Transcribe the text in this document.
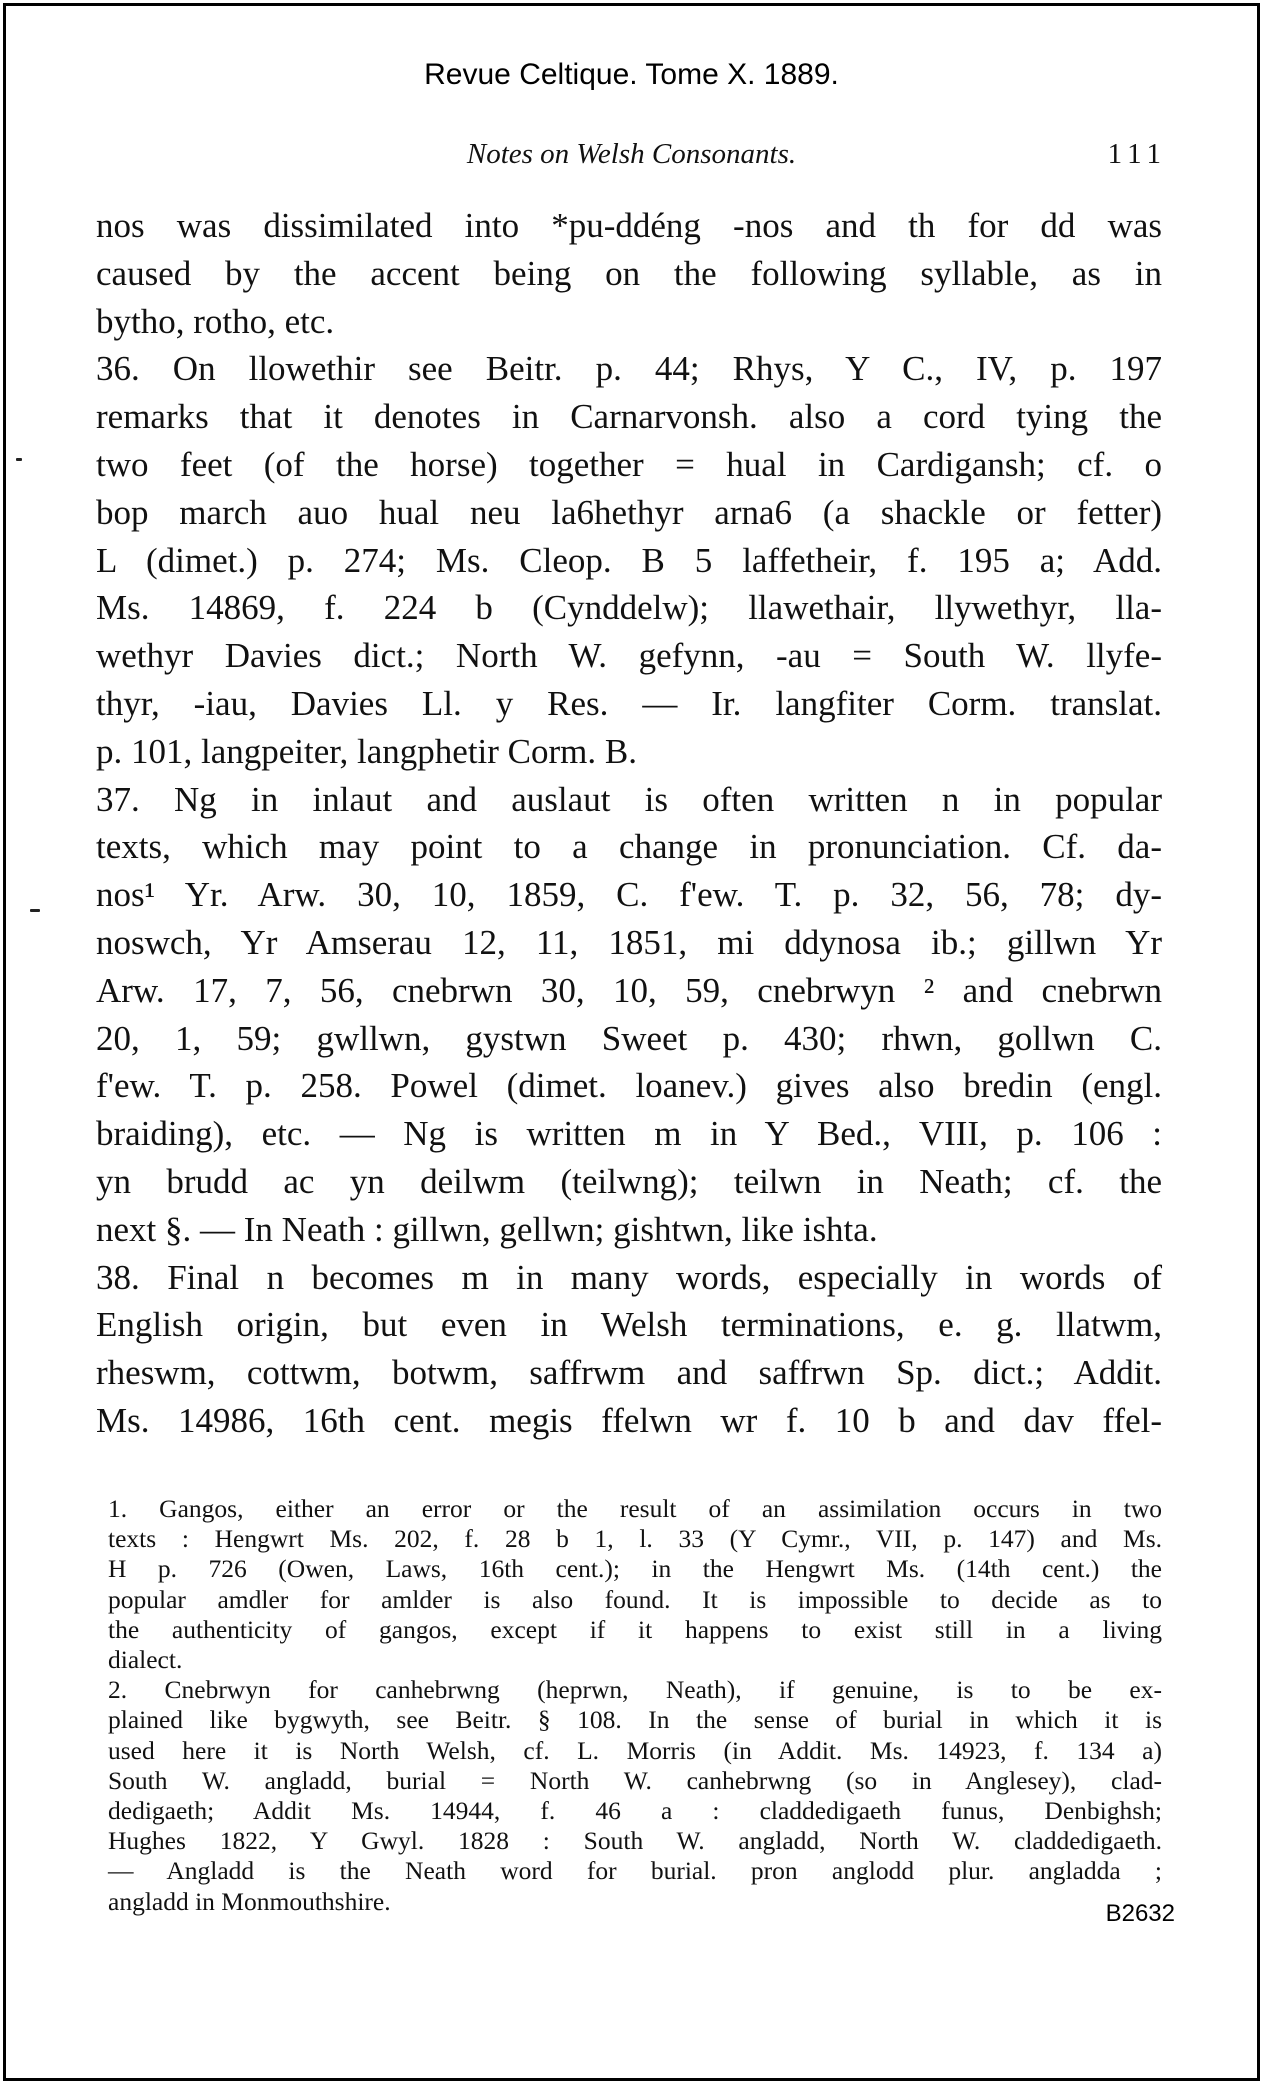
Revue Celtique. Tome X. 1889.
Notes on Welsh Consonants.	111
nos was dissimilated into *pu-ddéng -nos and th for dd was
caused by the accent being on the following syllable, as in
bytho, rotho, etc.
36. On llowethir see Beitr. p. 44; Rhys, Y C., IV, p. 197
remarks that it denotes in Carnarvonsh. also a cord tying the
two feet (of the horse) together = hual in Cardigansh; cf. o
bop march auo hual neu la6hethyr arna6 (a shackle or fetter)
L (dimet.) p. 274; Ms. Cleop. B 5 laffetheir, f. 195 a; Add.
Ms. 14869, f. 224 b (Cynddelw); llawethair, llywethyr, lla-
wethyr Davies dict.; North W. gefynn, -au = South W. llyfe-
thyr, -iau, Davies Ll. y Res. — Ir. langfiter Corm. translat.
p. 101, langpeiter, langphetir Corm. B.
37. Ng in inlaut and auslaut is often written n in popular
texts, which may point to a change in pronunciation. Cf. da-
nos¹ Yr. Arw. 30, 10, 1859, C. f'ew. T. p. 32, 56, 78; dy-
noswch, Yr Amserau 12, 11, 1851, mi ddynosa ib.; gillwn Yr
Arw. 17, 7, 56, cnebrwn 30, 10, 59, cnebrwyn ² and cnebrwn
20, 1, 59; gwllwn, gystwn Sweet p. 430; rhwn, gollwn C.
f'ew. T. p. 258. Powel (dimet. loanev.) gives also bredin (engl.
braiding), etc. — Ng is written m in Y Bed., VIII, p. 106 :
yn brudd ac yn deilwm (teilwng); teilwn in Neath; cf. the
next §. — In Neath : gillwn, gellwn; gishtwn, like ishta.
38. Final n becomes m in many words, especially in words of
English origin, but even in Welsh terminations, e. g. llatwm,
rheswm, cottwm, botwm, saffrwm and saffrwn Sp. dict.; Addit.
Ms. 14986, 16th cent. megis ffelwn wr f. 10 b and dav ffel-
1. Gangos, either an error or the result of an assimilation occurs in two
texts : Hengwrt Ms. 202, f. 28 b 1, l. 33 (Y Cymr., VII, p. 147) and Ms.
H p. 726 (Owen, Laws, 16th cent.); in the Hengwrt Ms. (14th cent.) the
popular amdler for amlder is also found. It is impossible to decide as to
the authenticity of gangos, except if it happens to exist still in a living
dialect.
2. Cnebrwyn for canhebrwng (heprwn, Neath), if genuine, is to be ex-
plained like bygwyth, see Beitr. § 108. In the sense of burial in which it is
used here it is North Welsh, cf. L. Morris (in Addit. Ms. 14923, f. 134 a)
South W. angladd, burial = North W. canhebrwng (so in Anglesey), clad-
dedigaeth; Addit Ms. 14944, f. 46 a : claddedigaeth funus, Denbighsh;
Hughes 1822, Y Gwyl. 1828 : South W. angladd, North W. claddedigaeth.
— Angladd is the Neath word for burial. pron anglodd plur. angladda ;
angladd in Monmouthshire.	B2632
